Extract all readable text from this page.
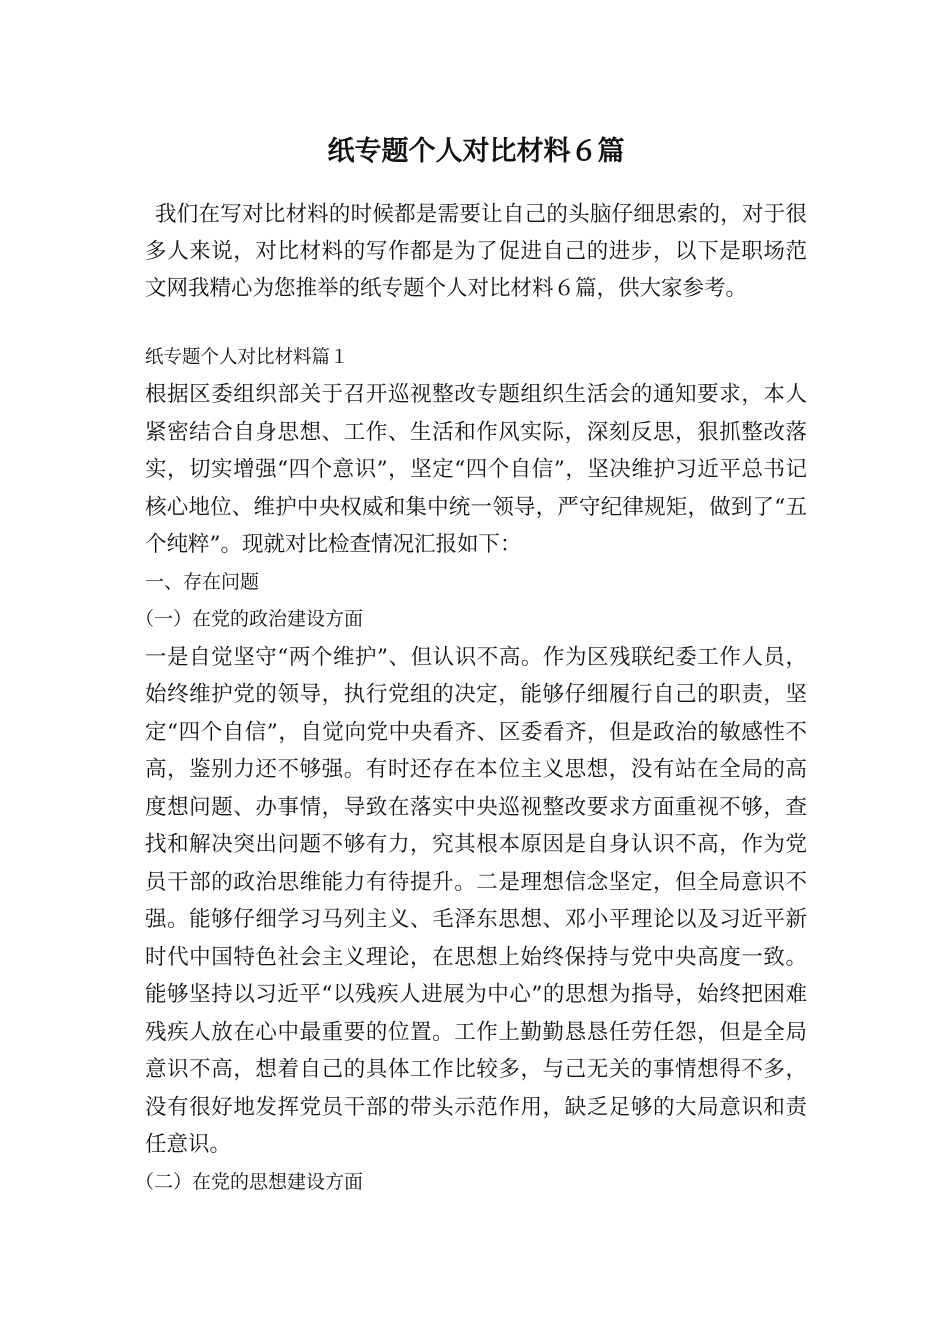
纸专题个人对比材料６篇

我们在写对比材料的时候都是需要让自己的头脑仔细思索的，对于很多人来说，对比材料的写作都是为了促进自己的进步，以下是职场范文网我精心为您推举的纸专题个人对比材料６篇，供大家参考。

纸专题个人对比材料篇１

根据区委组织部关于召开巡视整改专题组织生活会的通知要求，本人紧密结合自身思想、工作、生活和作风实际，深刻反思，狠抓整改落实，切实增强“四个意识”，坚定“四个自信”，坚决维护习近平总书记核心地位、维护中央权威和集中统一领导，严守纪律规矩，做到了“五个纯粹”。现就对比检查情况汇报如下：

一、存在问题

（一）在党的政治建设方面

一是自觉坚守“两个维护”、但认识不高。作为区残联纪委工作人员，始终维护党的领导，执行党组的决定，能够仔细履行自己的职责，坚定“四个自信”，自觉向党中央看齐、区委看齐，但是政治的敏感性不高，鉴别力还不够强。有时还存在本位主义思想，没有站在全局的高度想问题、办事情，导致在落实中央巡视整改要求方面重视不够，查找和解决突出问题不够有力，究其根本原因是自身认识不高，作为党员干部的政治思维能力有待提升。二是理想信念坚定，但全局意识不强。能够仔细学习马列主义、毛泽东思想、邓小平理论以及习近平新时代中国特色社会主义理论，在思想上始终保持与党中央高度一致。能够坚持以习近平“以残疾人进展为中心”的思想为指导，始终把困难残疾人放在心中最重要的位置。工作上勤勤恳恳任劳任怨，但是全局意识不高，想着自己的具体工作比较多，与己无关的事情想得不多，没有很好地发挥党员干部的带头示范作用，缺乏足够的大局意识和责任意识。

（二）在党的思想建设方面
